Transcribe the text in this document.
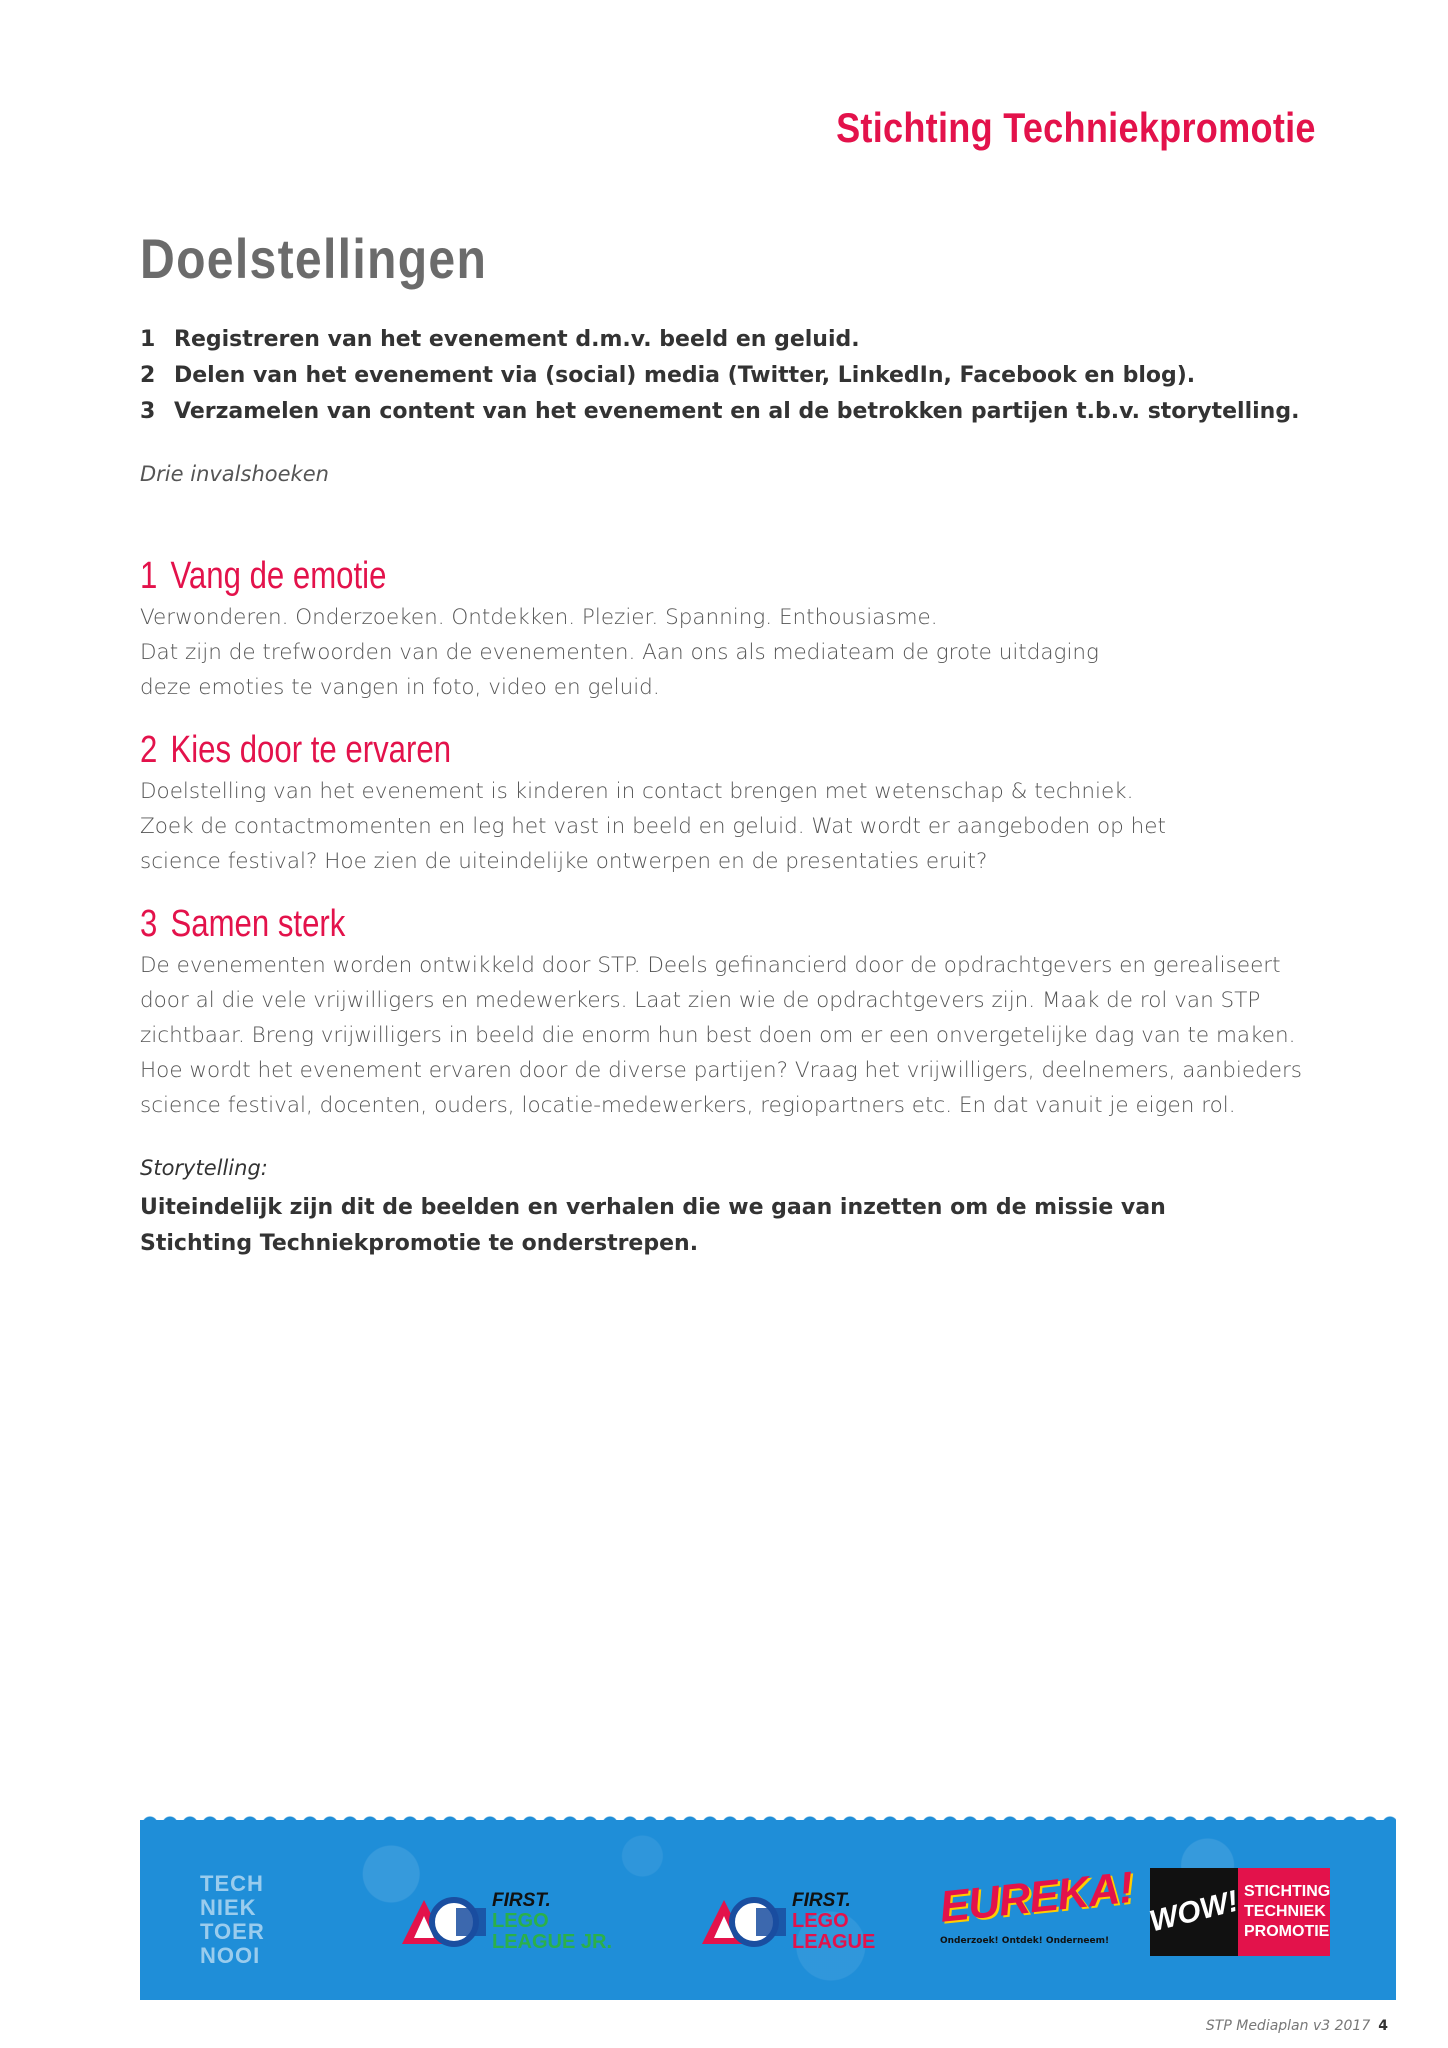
Stichting Techniekpromotie
Doelstellingen
1 Registreren van het evenement d.m.v. beeld en geluid.
2 Delen van het evenement via (social) media (Twitter, LinkedIn, Facebook en blog).
3 Verzamelen van content van het evenement en al de betrokken partijen t.b.v. storytelling.
Drie invalshoeken
1 Vang de emotie

Verwonderen. Onderzoeken. Ontdekken. Plezier. Spanning. Enthousiasme.
Dat zijn de trefwoorden van de evenementen. Aan ons als mediateam de grote uitdaging
deze emoties te vangen in foto, video en geluid.

2 Kies door te ervaren

Doelstelling van het evenement is kinderen in contact brengen met wetenschap & techniek.
Zoek de contactmomenten en leg het vast in beeld en geluid. Wat wordt er aangeboden op het
science festival? Hoe zien de uiteindelijke ontwerpen en de presentaties eruit?

3 Samen sterk

De evenementen worden ontwikkeld door STP. Deels gefinancierd door de opdrachtgevers en gerealiseert
door al die vele vrijwilligers en medewerkers. Laat zien wie de opdrachtgevers zijn. Maak de rol van STP
zichtbaar. Breng vrijwilligers in beeld die enorm hun best doen om er een onvergetelijke dag van te maken.
Hoe wordt het evenement ervaren door de diverse partijen? Vraag het vrijwilligers, deelnemers, aanbieders
science festival, docenten, ouders, locatie-medewerkers, regiopartners etc. En dat vanuit je eigen rol.

Storytelling:
Uiteindelijk zijn dit de beelden en verhalen die we gaan inzetten om de missie van
Stichting Techniekpromotie te onderstrepen.
TECH
NIEK
TOER
NOOI
FIRST.
LEGO
LEAGUE JR.
FIRST.
LEGO
LEAGUE
EUREKA!
Onderzoek! Ontdek! Onderneem!
WOW! STICHTING
TECHNIEK
PROMOTIE
STP Mediaplan v3 2017 4
